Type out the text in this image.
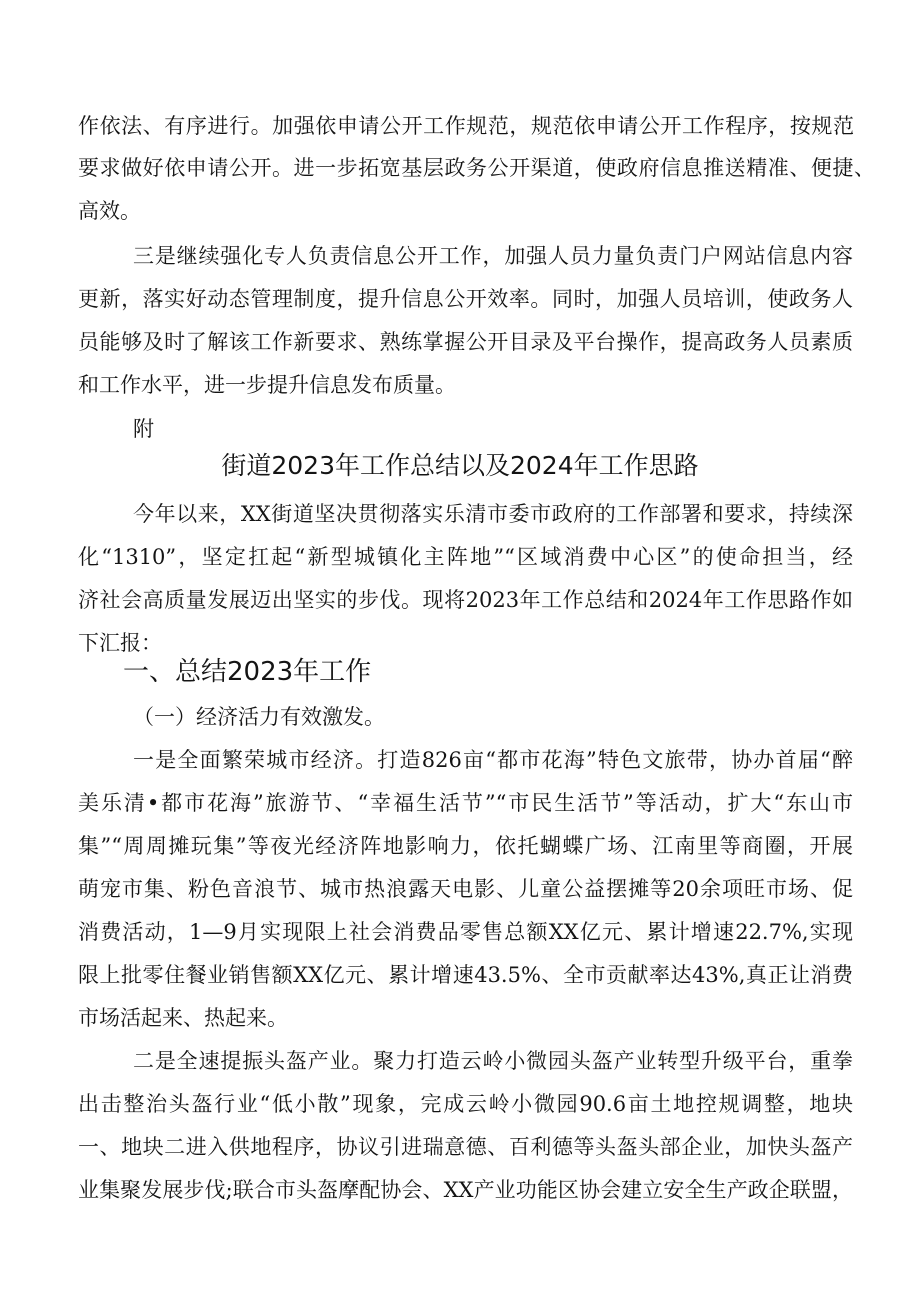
作依法、有序进行。加强依申请公开工作规范，规范依申请公开工作程序，按规范
要求做好依申请公开。进一步拓宽基层政务公开渠道，使政府信息推送精准、便捷、
高效。
三是继续强化专人负责信息公开工作，加强人员力量负责门户网站信息内容
更新，落实好动态管理制度，提升信息公开效率。同时，加强人员培训，使政务人
员能够及时了解该工作新要求、熟练掌握公开目录及平台操作，提高政务人员素质
和工作水平，进一步提升信息发布质量。
附
街道2023年工作总结以及2024年工作思路
今年以来，XX街道坚决贯彻落实乐清市委市政府的工作部署和要求，持续深
化“1310”，坚定扛起“新型城镇化主阵地”“区域消费中心区”的使命担当，经
济社会高质量发展迈出坚实的步伐。现将2023年工作总结和2024年工作思路作如
下汇报：
一、总结2023年工作
（一）经济活力有效激发。
一是全面繁荣城市经济。打造826亩“都市花海”特色文旅带，协办首届“醉
美乐清•都市花海”旅游节、“幸福生活节”“市民生活节”等活动，扩大“东山市
集”“周周摊玩集”等夜光经济阵地影响力，依托蝴蝶广场、江南里等商圈，开展
萌宠市集、粉色音浪节、城市热浪露天电影、儿童公益摆摊等20余项旺市场、促
消费活动，1—9月实现限上社会消费品零售总额XX亿元、累计增速22.7%,实现
限上批零住餐业销售额XX亿元、累计增速43.5%、全市贡献率达43%,真正让消费
市场活起来、热起来。
二是全速提振头盔产业。聚力打造云岭小微园头盔产业转型升级平台，重拳
出击整治头盔行业“低小散”现象，完成云岭小微园90.6亩土地控规调整，地块
一、地块二进入供地程序，协议引进瑞意德、百利德等头盔头部企业，加快头盔产
业集聚发展步伐;联合市头盔摩配协会、XX产业功能区协会建立安全生产政企联盟，
